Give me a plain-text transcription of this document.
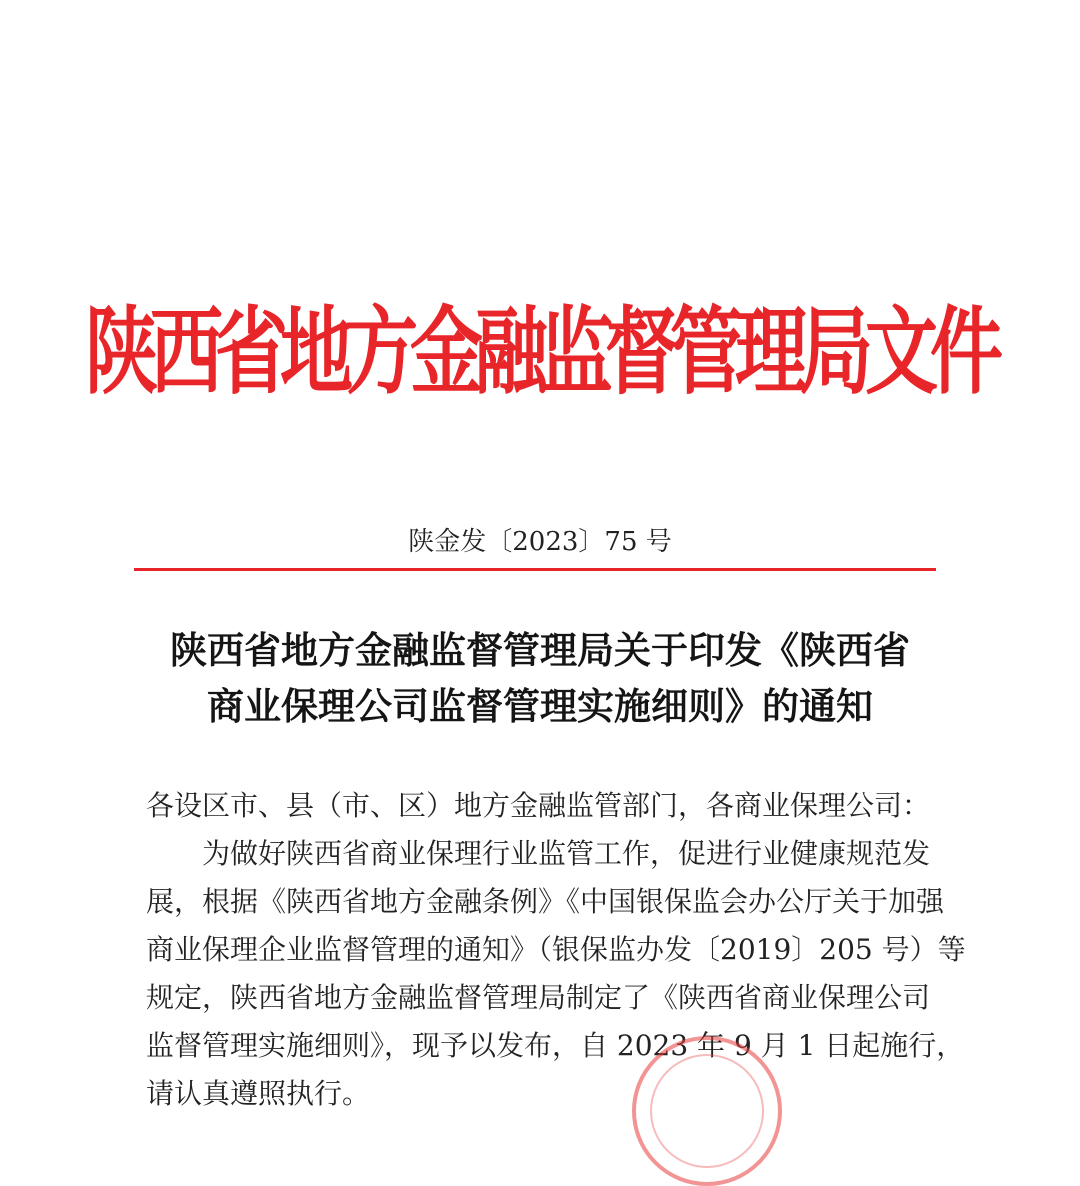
陕西省地方金融监督管理局文件
陕金发〔2023〕75 号
陕西省地方金融监督管理局关于印发《陕西省
商业保理公司监督管理实施细则》的通知
各设区市、县（市、区）地方金融监管部门，各商业保理公司：
为做好陕西省商业保理行业监管工作，促进行业健康规范发
展，根据《陕西省地方金融条例》《中国银保监会办公厅关于加强
商业保理企业监督管理的通知》（银保监办发〔2019〕205 号）等
规定，陕西省地方金融监督管理局制定了《陕西省商业保理公司
监督管理实施细则》，现予以发布，自 2023 年 9 月 1 日起施行，
请认真遵照执行。
